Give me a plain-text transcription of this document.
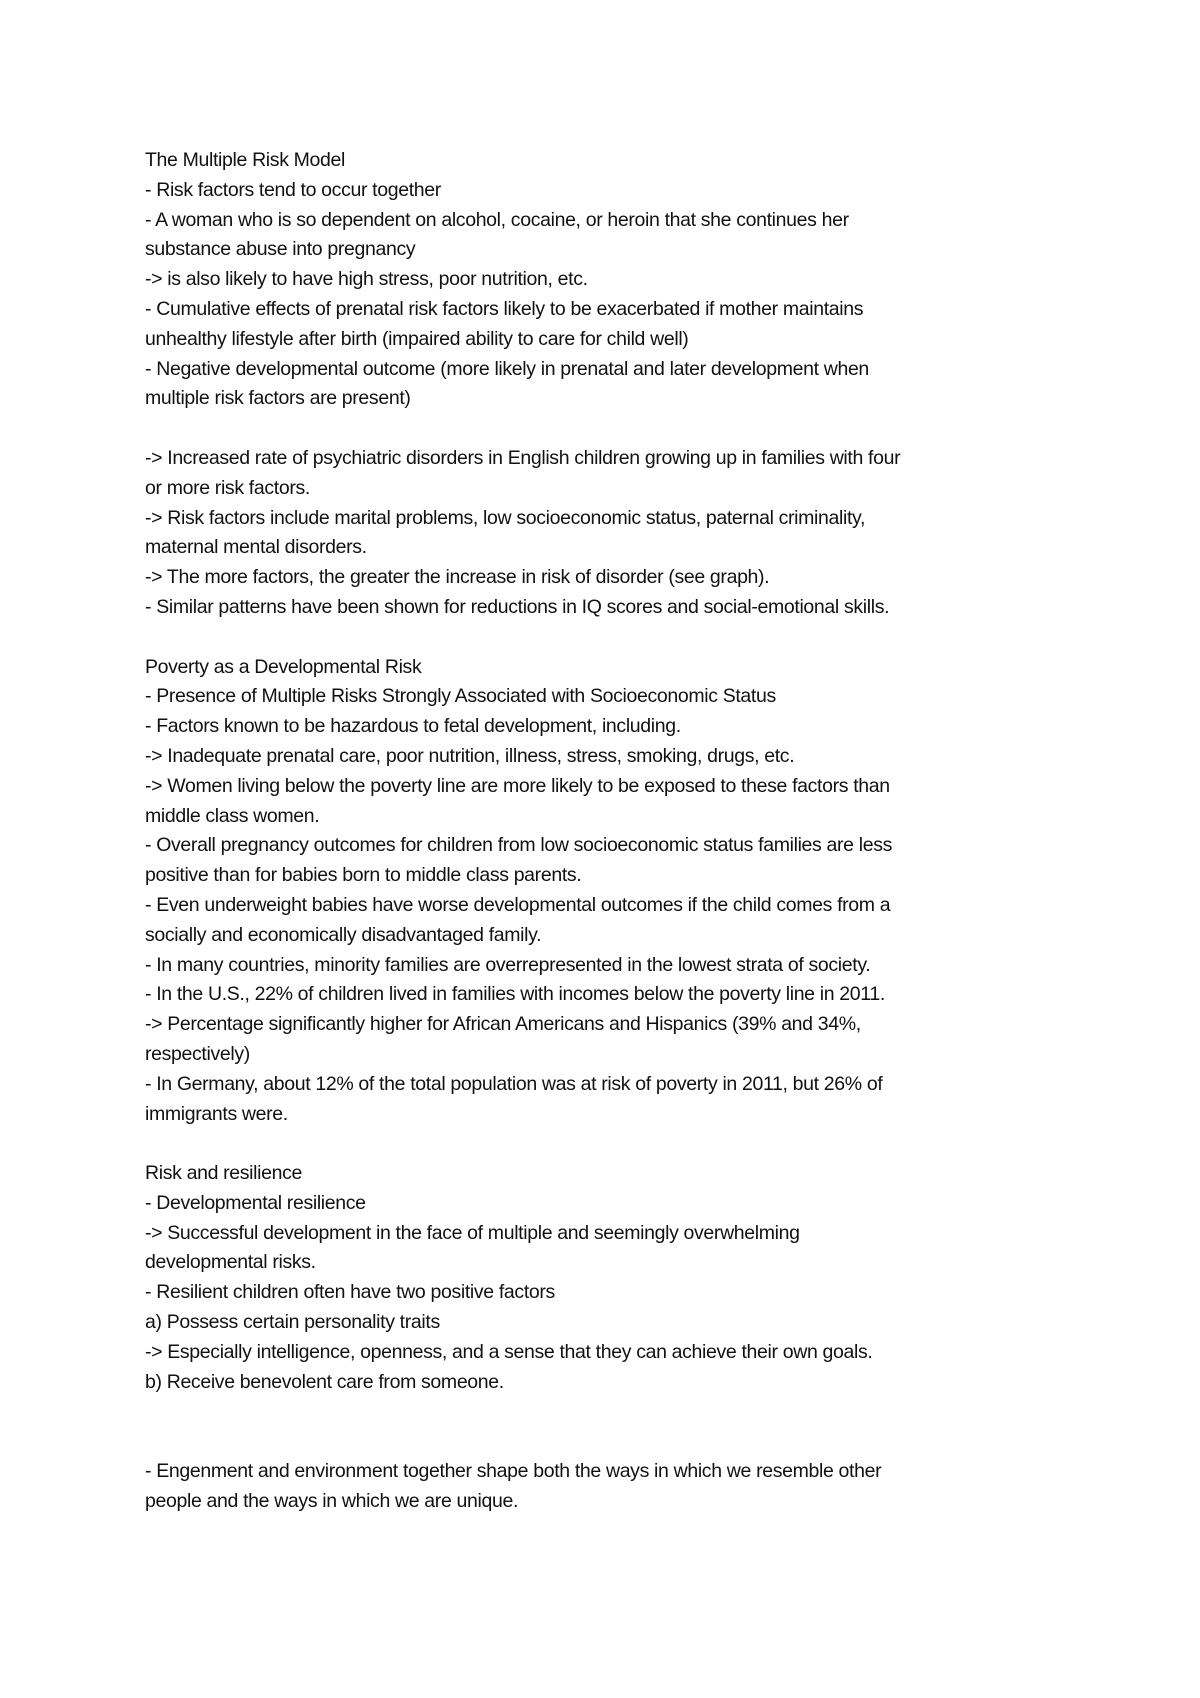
The Multiple Risk Model
- Risk factors tend to occur together
- A woman who is so dependent on alcohol, cocaine, or heroin that she continues her
substance abuse into pregnancy
-> is also likely to have high stress, poor nutrition, etc.
- Cumulative effects of prenatal risk factors likely to be exacerbated if mother maintains
unhealthy lifestyle after birth (impaired ability to care for child well)
- Negative developmental outcome (more likely in prenatal and later development when
multiple risk factors are present)
-> Increased rate of psychiatric disorders in English children growing up in families with four
or more risk factors.
-> Risk factors include marital problems, low socioeconomic status, paternal criminality,
maternal mental disorders.
-> The more factors, the greater the increase in risk of disorder (see graph).
- Similar patterns have been shown for reductions in IQ scores and social-emotional skills.
Poverty as a Developmental Risk
- Presence of Multiple Risks Strongly Associated with Socioeconomic Status
- Factors known to be hazardous to fetal development, including.
-> Inadequate prenatal care, poor nutrition, illness, stress, smoking, drugs, etc.
-> Women living below the poverty line are more likely to be exposed to these factors than
middle class women.
- Overall pregnancy outcomes for children from low socioeconomic status families are less
positive than for babies born to middle class parents.
- Even underweight babies have worse developmental outcomes if the child comes from a
socially and economically disadvantaged family.
- In many countries, minority families are overrepresented in the lowest strata of society.
- In the U.S., 22% of children lived in families with incomes below the poverty line in 2011.
-> Percentage significantly higher for African Americans and Hispanics (39% and 34%,
respectively)
- In Germany, about 12% of the total population was at risk of poverty in 2011, but 26% of
immigrants were.
Risk and resilience
- Developmental resilience
-> Successful development in the face of multiple and seemingly overwhelming
developmental risks.
- Resilient children often have two positive factors
a) Possess certain personality traits
-> Especially intelligence, openness, and a sense that they can achieve their own goals.
b) Receive benevolent care from someone.
- Engenment and environment together shape both the ways in which we resemble other
people and the ways in which we are unique.
